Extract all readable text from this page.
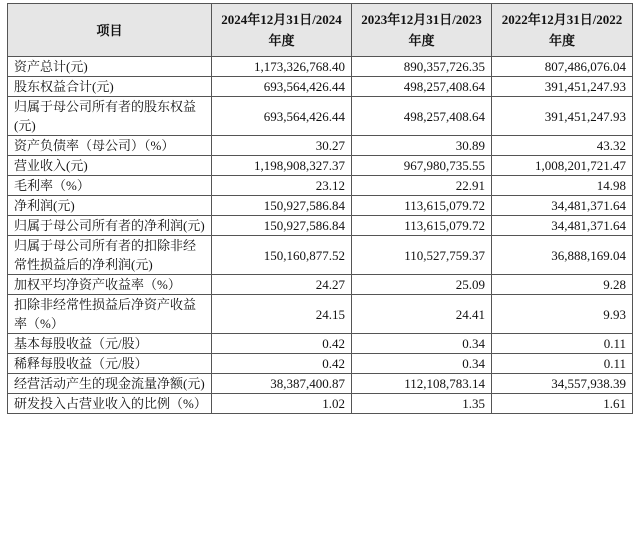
项目	2024年12月31日/2024年度	2023年12月31日/2023年度	2022年12月31日/2022年度
资产总计(元)	1,173,326,768.40	890,357,726.35	807,486,076.04
股东权益合计(元)	693,564,426.44	498,257,408.64	391,451,247.93
归属于母公司所有者的股东权益(元)	693,564,426.44	498,257,408.64	391,451,247.93
资产负债率（母公司）（%）	30.27	30.89	43.32
营业收入(元)	1,198,908,327.37	967,980,735.55	1,008,201,721.47
毛利率（%）	23.12	22.91	14.98
净利润(元)	150,927,586.84	113,615,079.72	34,481,371.64
归属于母公司所有者的净利润(元)	150,927,586.84	113,615,079.72	34,481,371.64
归属于母公司所有者的扣除非经常性损益后的净利润(元)	150,160,877.52	110,527,759.37	36,888,169.04
加权平均净资产收益率（%）	24.27	25.09	9.28
扣除非经常性损益后净资产收益率（%）	24.15	24.41	9.93
基本每股收益（元/股）	0.42	0.34	0.11
稀释每股收益（元/股）	0.42	0.34	0.11
经营活动产生的现金流量净额(元)	38,387,400.87	112,108,783.14	34,557,938.39
研发投入占营业收入的比例（%）	1.02	1.35	1.61
